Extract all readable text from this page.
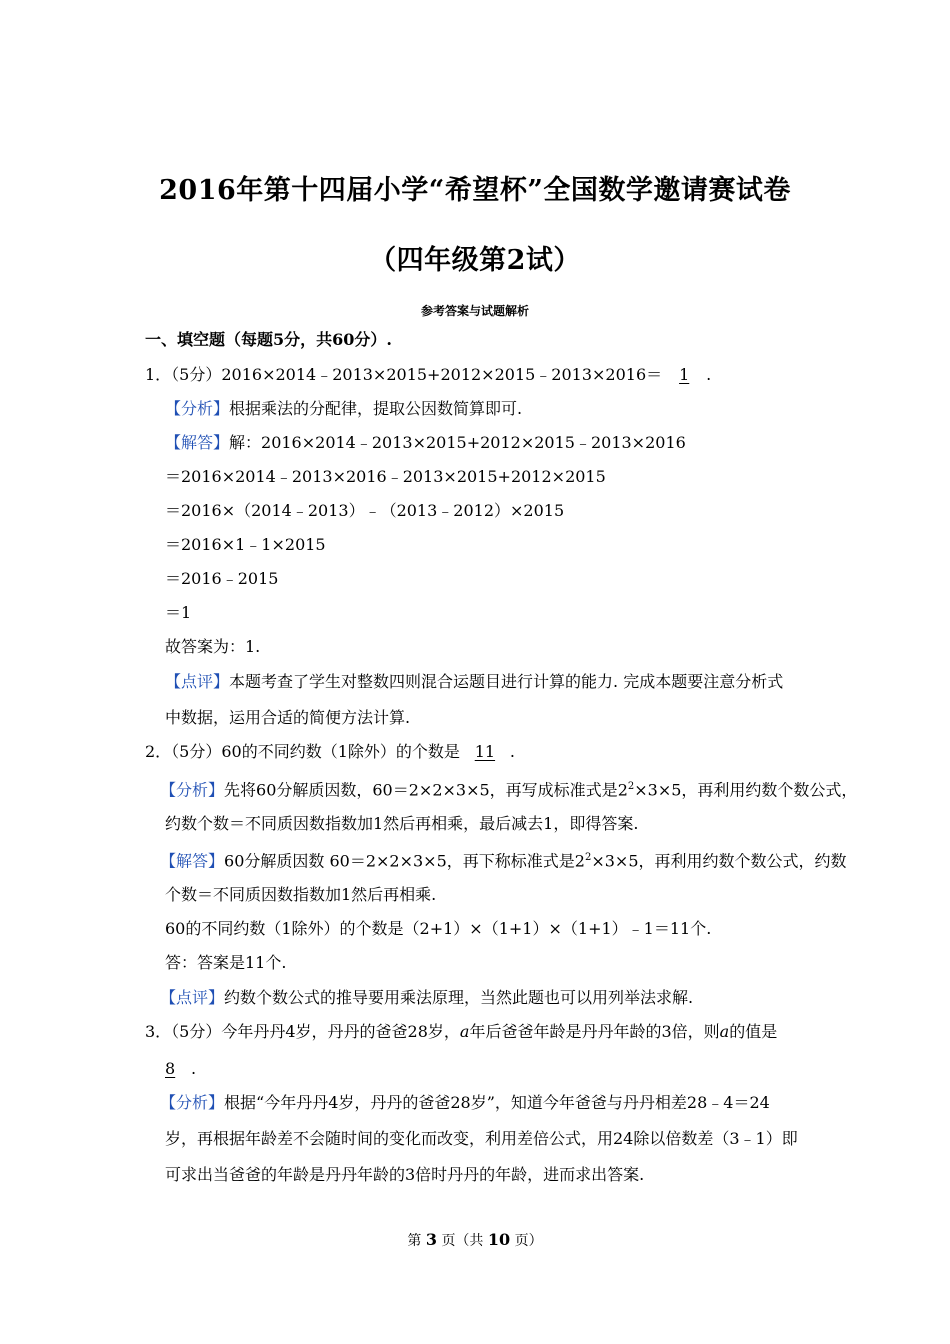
2016年第十四届小学“希望杯”全国数学邀请赛试卷
（四年级第2试）
参考答案与试题解析
一、填空题（每题5分，共60分）.
1．（5分）2016×2014﹣2013×2015+2012×2015﹣2013×2016＝ 1 .
【分析】根据乘法的分配律，提取公因数简算即可.
【解答】解：2016×2014﹣2013×2015+2012×2015﹣2013×2016
＝2016×2014﹣2013×2016﹣2013×2015+2012×2015
＝2016×（2014﹣2013）﹣（2013﹣2012）×2015
＝2016×1﹣1×2015
＝2016﹣2015
＝1
故答案为：1.
【点评】本题考查了学生对整数四则混合运题目进行计算的能力. 完成本题要注意分析式
中数据，运用合适的简便方法计算.
2．（5分）60的不同约数（1除外）的个数是 11 .
【分析】先将60分解质因数，60＝2×2×3×5，再写成标准式是$2^2\times 3\times 5$，再利用约数个数公式，
约数个数＝不同质因数指数加1然后再相乘，最后减去1，即得答案.
【解答】60分解质因数 60＝2×2×3×5，再下称标准式是$2^2\times 3\times 5$，再利用约数个数公式，约数
个数＝不同质因数指数加1然后再相乘.
60的不同约数（1除外）的个数是（2+1）×（1+1）×（1+1）﹣1＝11个.
答：答案是11个.
【点评】约数个数公式的推导要用乘法原理，当然此题也可以用列举法求解.
3．（5分）今年丹丹4岁，丹丹的爸爸28岁，a年后爸爸年龄是丹丹年龄的3倍，则a的值是
8 .
【分析】根据“今年丹丹4岁，丹丹的爸爸28岁”，知道今年爸爸与丹丹相差28﹣4＝24
岁，再根据年龄差不会随时间的变化而改变，利用差倍公式，用24除以倍数差（3﹣1）即
可求出当爸爸的年龄是丹丹年龄的3倍时丹丹的年龄，进而求出答案.
第 3 页（共 10 页）
